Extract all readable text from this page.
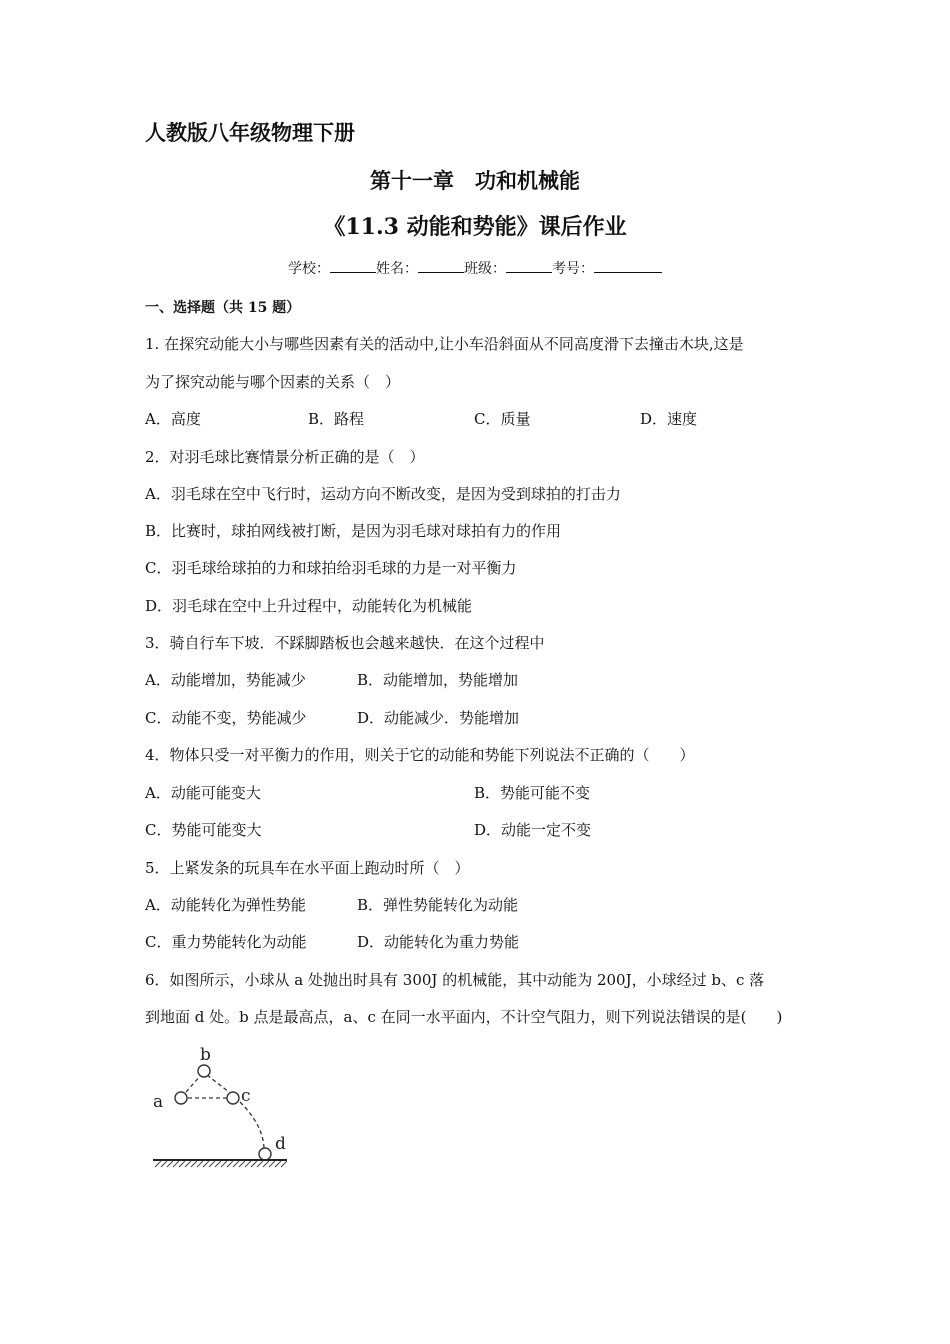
人教版八年级物理下册
第十一章　功和机械能
《11.3 动能和势能》课后作业
学校：	姓名：	班级：	考号：
一、选择题（共 15 题）
1. 在探究动能大小与哪些因素有关的活动中,让小车沿斜面从不同高度滑下去撞击木块,这是
为了探究动能与哪个因素的关系（　）
A．高度	B．路程	C．质量	D．速度
2．对羽毛球比赛情景分析正确的是（　）
A．羽毛球在空中飞行时，运动方向不断改变，是因为受到球拍的打击力
B．比赛时，球拍网线被打断，是因为羽毛球对球拍有力的作用
C．羽毛球给球拍的力和球拍给羽毛球的力是一对平衡力
D．羽毛球在空中上升过程中，动能转化为机械能
3．骑自行车下坡．不踩脚踏板也会越来越快．在这个过程中
A．动能增加，势能减少	B．动能增加，势能增加
C．动能不变，势能减少	D．动能减少．势能增加
4．物体只受一对平衡力的作用，则关于它的动能和势能下列说法不正确的（　　）
A．动能可能变大	B．势能可能不变
C．势能可能变大	D．动能一定不变
5．上紧发条的玩具车在水平面上跑动时所（　）
A．动能转化为弹性势能	B．弹性势能转化为动能
C．重力势能转化为动能	D．动能转化为重力势能
6．如图所示，小球从 a 处抛出时具有 300J 的机械能，其中动能为 200J，小球经过 b、c 落
到地面 d 处。b 点是最高点，a、c 在同一水平面内，不计空气阻力，则下列说法错误的是(　　)
a
b
c
d
